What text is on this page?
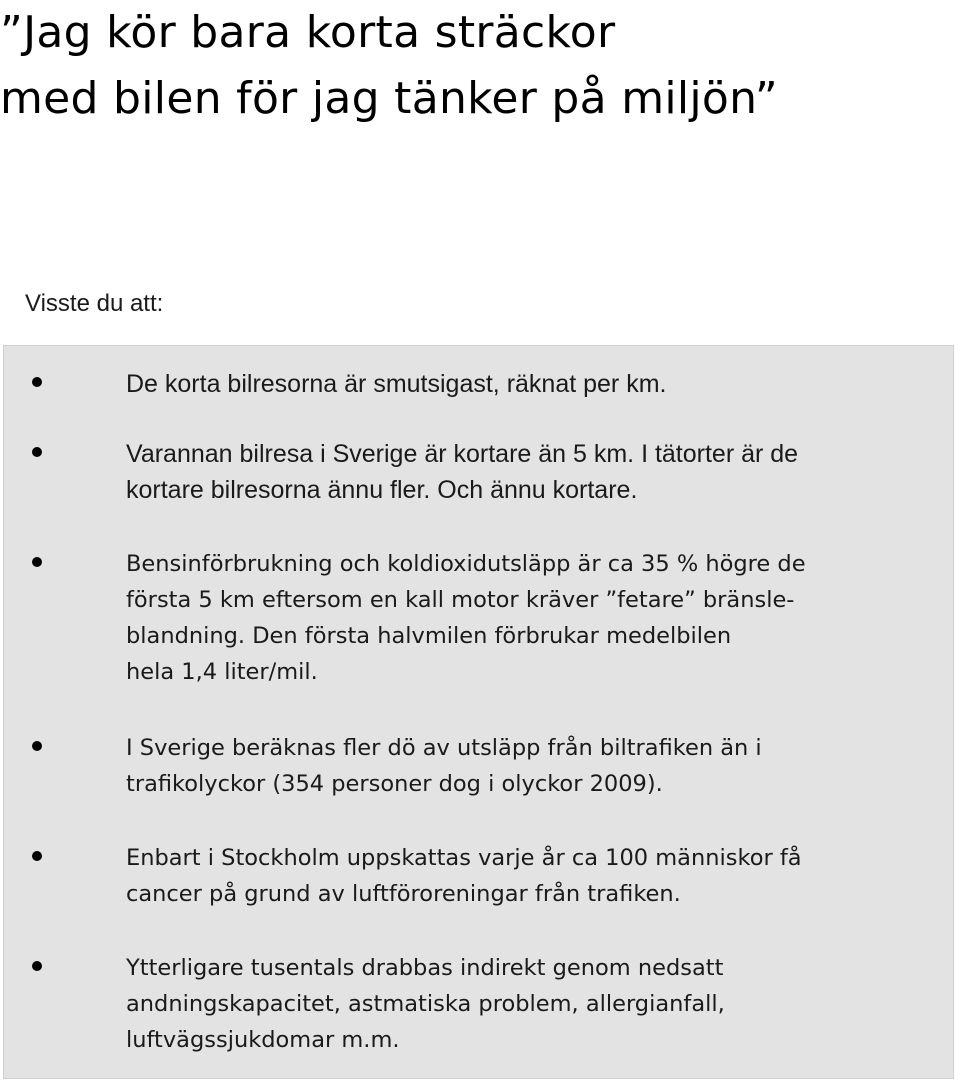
”Jag kör bara korta sträckor
med bilen för jag tänker på miljön”
Visste du att:

De korta bilresorna är smutsigast, räknat per km.

Varannan bilresa i Sverige är kortare än 5 km. I tätorter är de
kortare bilresorna ännu fler. Och ännu kortare.

Bensinförbrukning och koldioxidutsläpp är ca 35 % högre de
första 5 km eftersom en kall motor kräver ”fetare” bränsle-
blandning. Den första halvmilen förbrukar medelbilen
hela 1,4 liter/mil.

I Sverige beräknas fler dö av utsläpp från biltrafiken än i
trafikolyckor (354 personer dog i olyckor 2009).

Enbart i Stockholm uppskattas varje år ca 100 människor få
cancer på grund av luftföroreningar från trafiken.

Ytterligare tusentals drabbas indirekt genom nedsatt
andningskapacitet, astmatiska problem, allergianfall,
luftvägssjukdomar m.m.
